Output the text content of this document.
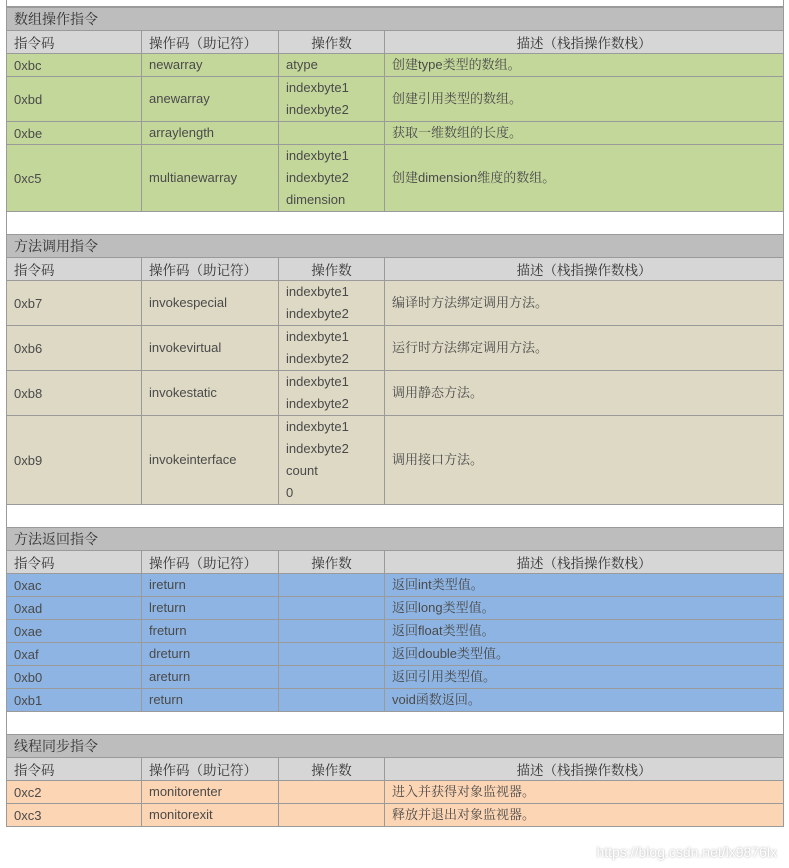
数组操作指令			
指令码	操作码（助记符）	操作数	描述（栈指操作数栈）
0xbc	newarray	atype	创建type类型的数组。

0xbd	anewarray	indexbyte1
indexbyte2	创建引用类型的数组。

0xbe	arraylength		获取一维数组的长度。

0xc5	multianewarray	indexbyte1
indexbyte2
dimension	创建dimension维度的数组。
方法调用指令			
指令码	操作码（助记符）	操作数	描述（栈指操作数栈）
0xb7	invokespecial	indexbyte1
indexbyte2	编译时方法绑定调用方法。

0xb6	invokevirtual	indexbyte1
indexbyte2	运行时方法绑定调用方法。

0xb8	invokestatic	indexbyte1
indexbyte2	调用静态方法。

0xb9	invokeinterface	indexbyte1
indexbyte2
count
0	调用接口方法。
方法返回指令			
指令码	操作码（助记符）	操作数	描述（栈指操作数栈）
0xac	ireturn		返回int类型值。

0xad	lreturn		返回long类型值。

0xae	freturn		返回float类型值。

0xaf	dreturn		返回double类型值。

0xb0	areturn		返回引用类型值。

0xb1	return		void函数返回。
线程同步指令			
指令码	操作码（助记符）	操作数	描述（栈指操作数栈）
0xc2	monitorenter		进入并获得对象监视器。

0xc3	monitorexit		释放并退出对象监视器。
https://blog.csdn.net/lx9876lx
